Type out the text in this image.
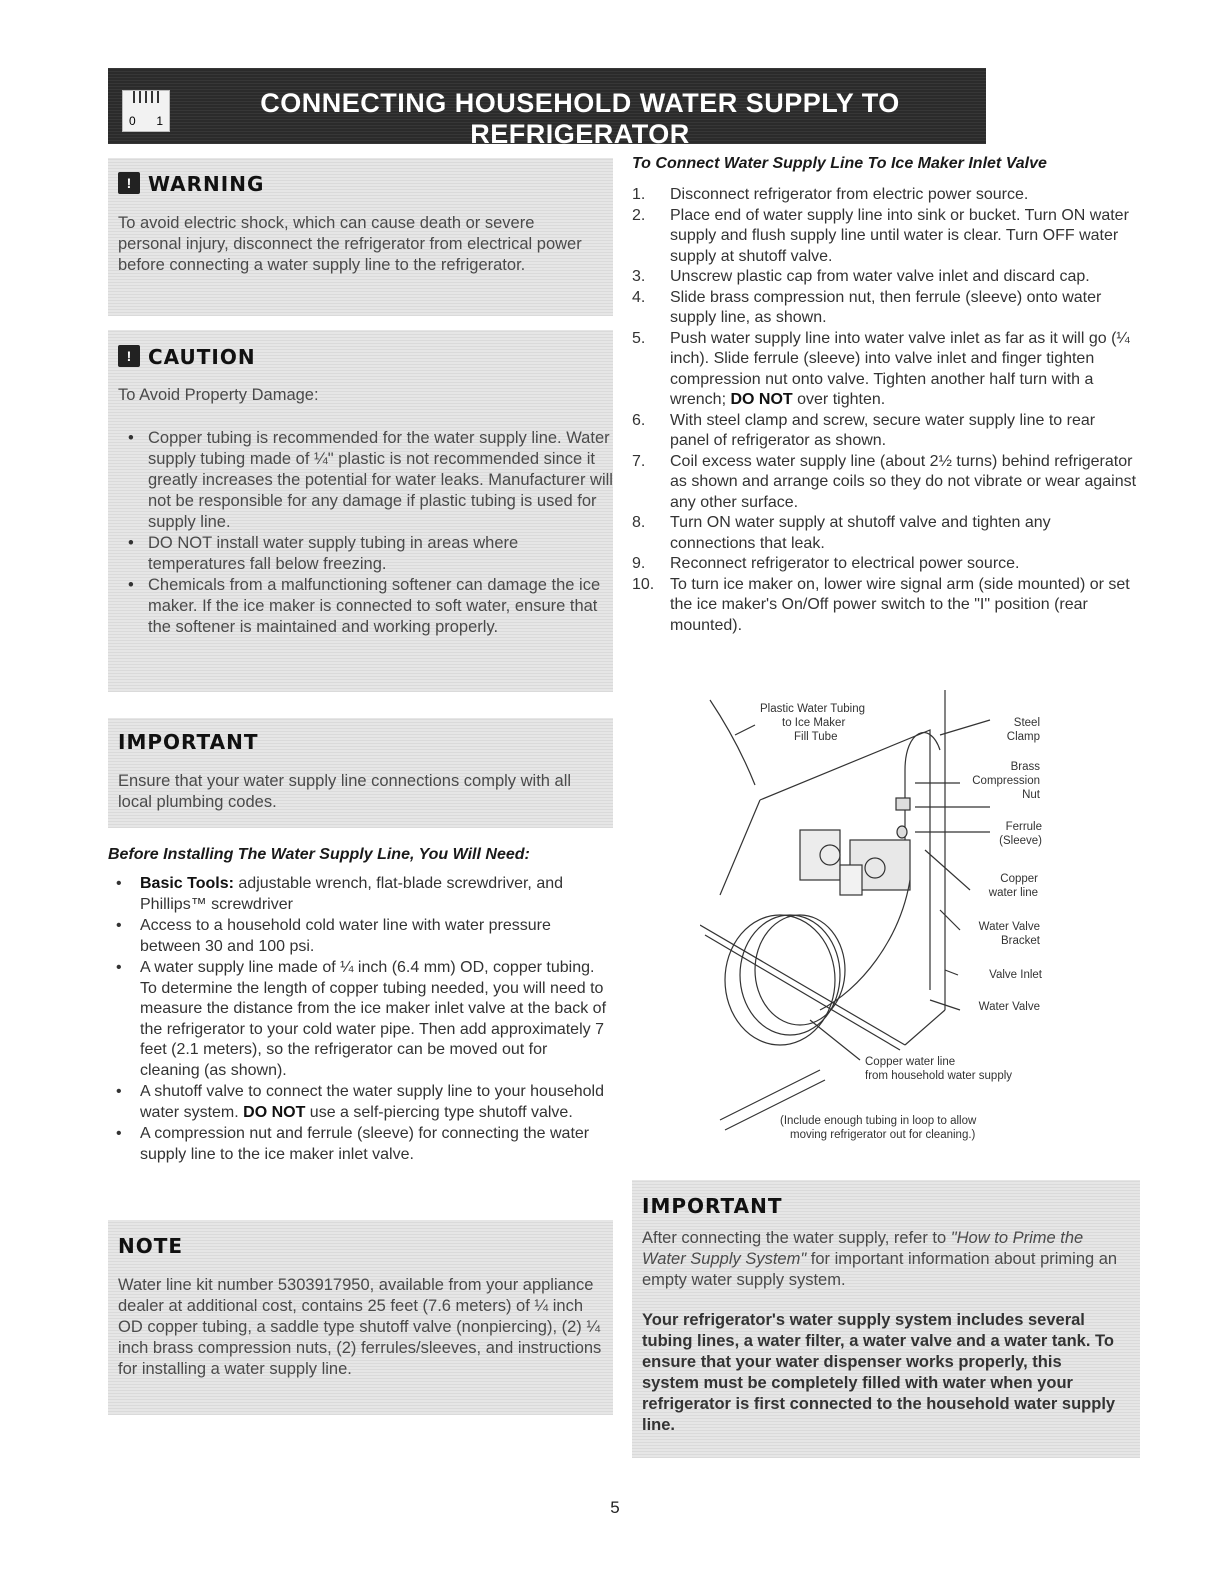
0 1
CONNECTING HOUSEHOLD WATER SUPPLY TO REFRIGERATOR
! WARNING
To avoid electric shock, which can cause death or severe personal injury, disconnect the refrigerator from electrical power before connecting a water supply line to the refrigerator.
! CAUTION
To Avoid Property Damage:
• Copper tubing is recommended for the water supply line. Water supply tubing made of ¼" plastic is not recommended since it greatly increases the potential for water leaks. Manufacturer will not be responsible for any damage if plastic tubing is used for supply line.
• DO NOT install water supply tubing in areas where temperatures fall below freezing.
• Chemicals from a malfunctioning softener can damage the ice maker. If the ice maker is connected to soft water, ensure that the softener is maintained and working properly.
IMPORTANT
Ensure that your water supply line connections comply with all local plumbing codes.
Before Installing The Water Supply Line, You Will Need:
• Basic Tools: adjustable wrench, flat-blade screwdriver, and Phillips™ screwdriver
• Access to a household cold water line with water pressure between 30 and 100 psi.
• A water supply line made of ¼ inch (6.4 mm) OD, copper tubing. To determine the length of copper tubing needed, you will need to measure the distance from the ice maker inlet valve at the back of the refrigerator to your cold water pipe. Then add approximately 7 feet (2.1 meters), so the refrigerator can be moved out for cleaning (as shown).
• A shutoff valve to connect the water supply line to your household water system. DO NOT use a self-piercing type shutoff valve.
• A compression nut and ferrule (sleeve) for connecting the water supply line to the ice maker inlet valve.
NOTE
Water line kit number 5303917950, available from your appliance dealer at additional cost, contains 25 feet (7.6 meters) of ¼ inch OD copper tubing, a saddle type shutoff valve (nonpiercing), (2) ¼ inch brass compression nuts, (2) ferrules/sleeves, and instructions for installing a water supply line.
To Connect Water Supply Line To Ice Maker Inlet Valve
1. Disconnect refrigerator from electric power source.
2. Place end of water supply line into sink or bucket. Turn ON water supply and flush supply line until water is clear. Turn OFF water supply at shutoff valve.
3. Unscrew plastic cap from water valve inlet and discard cap.
4. Slide brass compression nut, then ferrule (sleeve) onto water supply line, as shown.
5. Push water supply line into water valve inlet as far as it will go (¼ inch). Slide ferrule (sleeve) into valve inlet and finger tighten compression nut onto valve. Tighten another half turn with a wrench; DO NOT over tighten.
6. With steel clamp and screw, secure water supply line to rear panel of refrigerator as shown.
7. Coil excess water supply line (about 2½ turns) behind refrigerator as shown and arrange coils so they do not vibrate or wear against any other surface.
8. Turn ON water supply at shutoff valve and tighten any connections that leak.
9. Reconnect refrigerator to electrical power source.
10. To turn ice maker on, lower wire signal arm (side mounted) or set the ice maker's On/Off power switch to the "I" position (rear mounted).
Plastic Water Tubing
to Ice Maker
Fill Tube
Steel
Clamp
Brass
Compression
Nut
Ferrule
(Sleeve)
Copper
water line
Water Valve
Bracket
Valve Inlet
Water Valve
Copper water line
from household water supply
(Include enough tubing in loop to allow
moving refrigerator out for cleaning.)
IMPORTANT
After connecting the water supply, refer to "How to Prime the Water Supply System" for important information about priming an empty water supply system.
Your refrigerator's water supply system includes several tubing lines, a water filter, a water valve and a water tank. To ensure that your water dispenser works properly, this system must be completely filled with water when your refrigerator is first connected to the household water supply line.
5
